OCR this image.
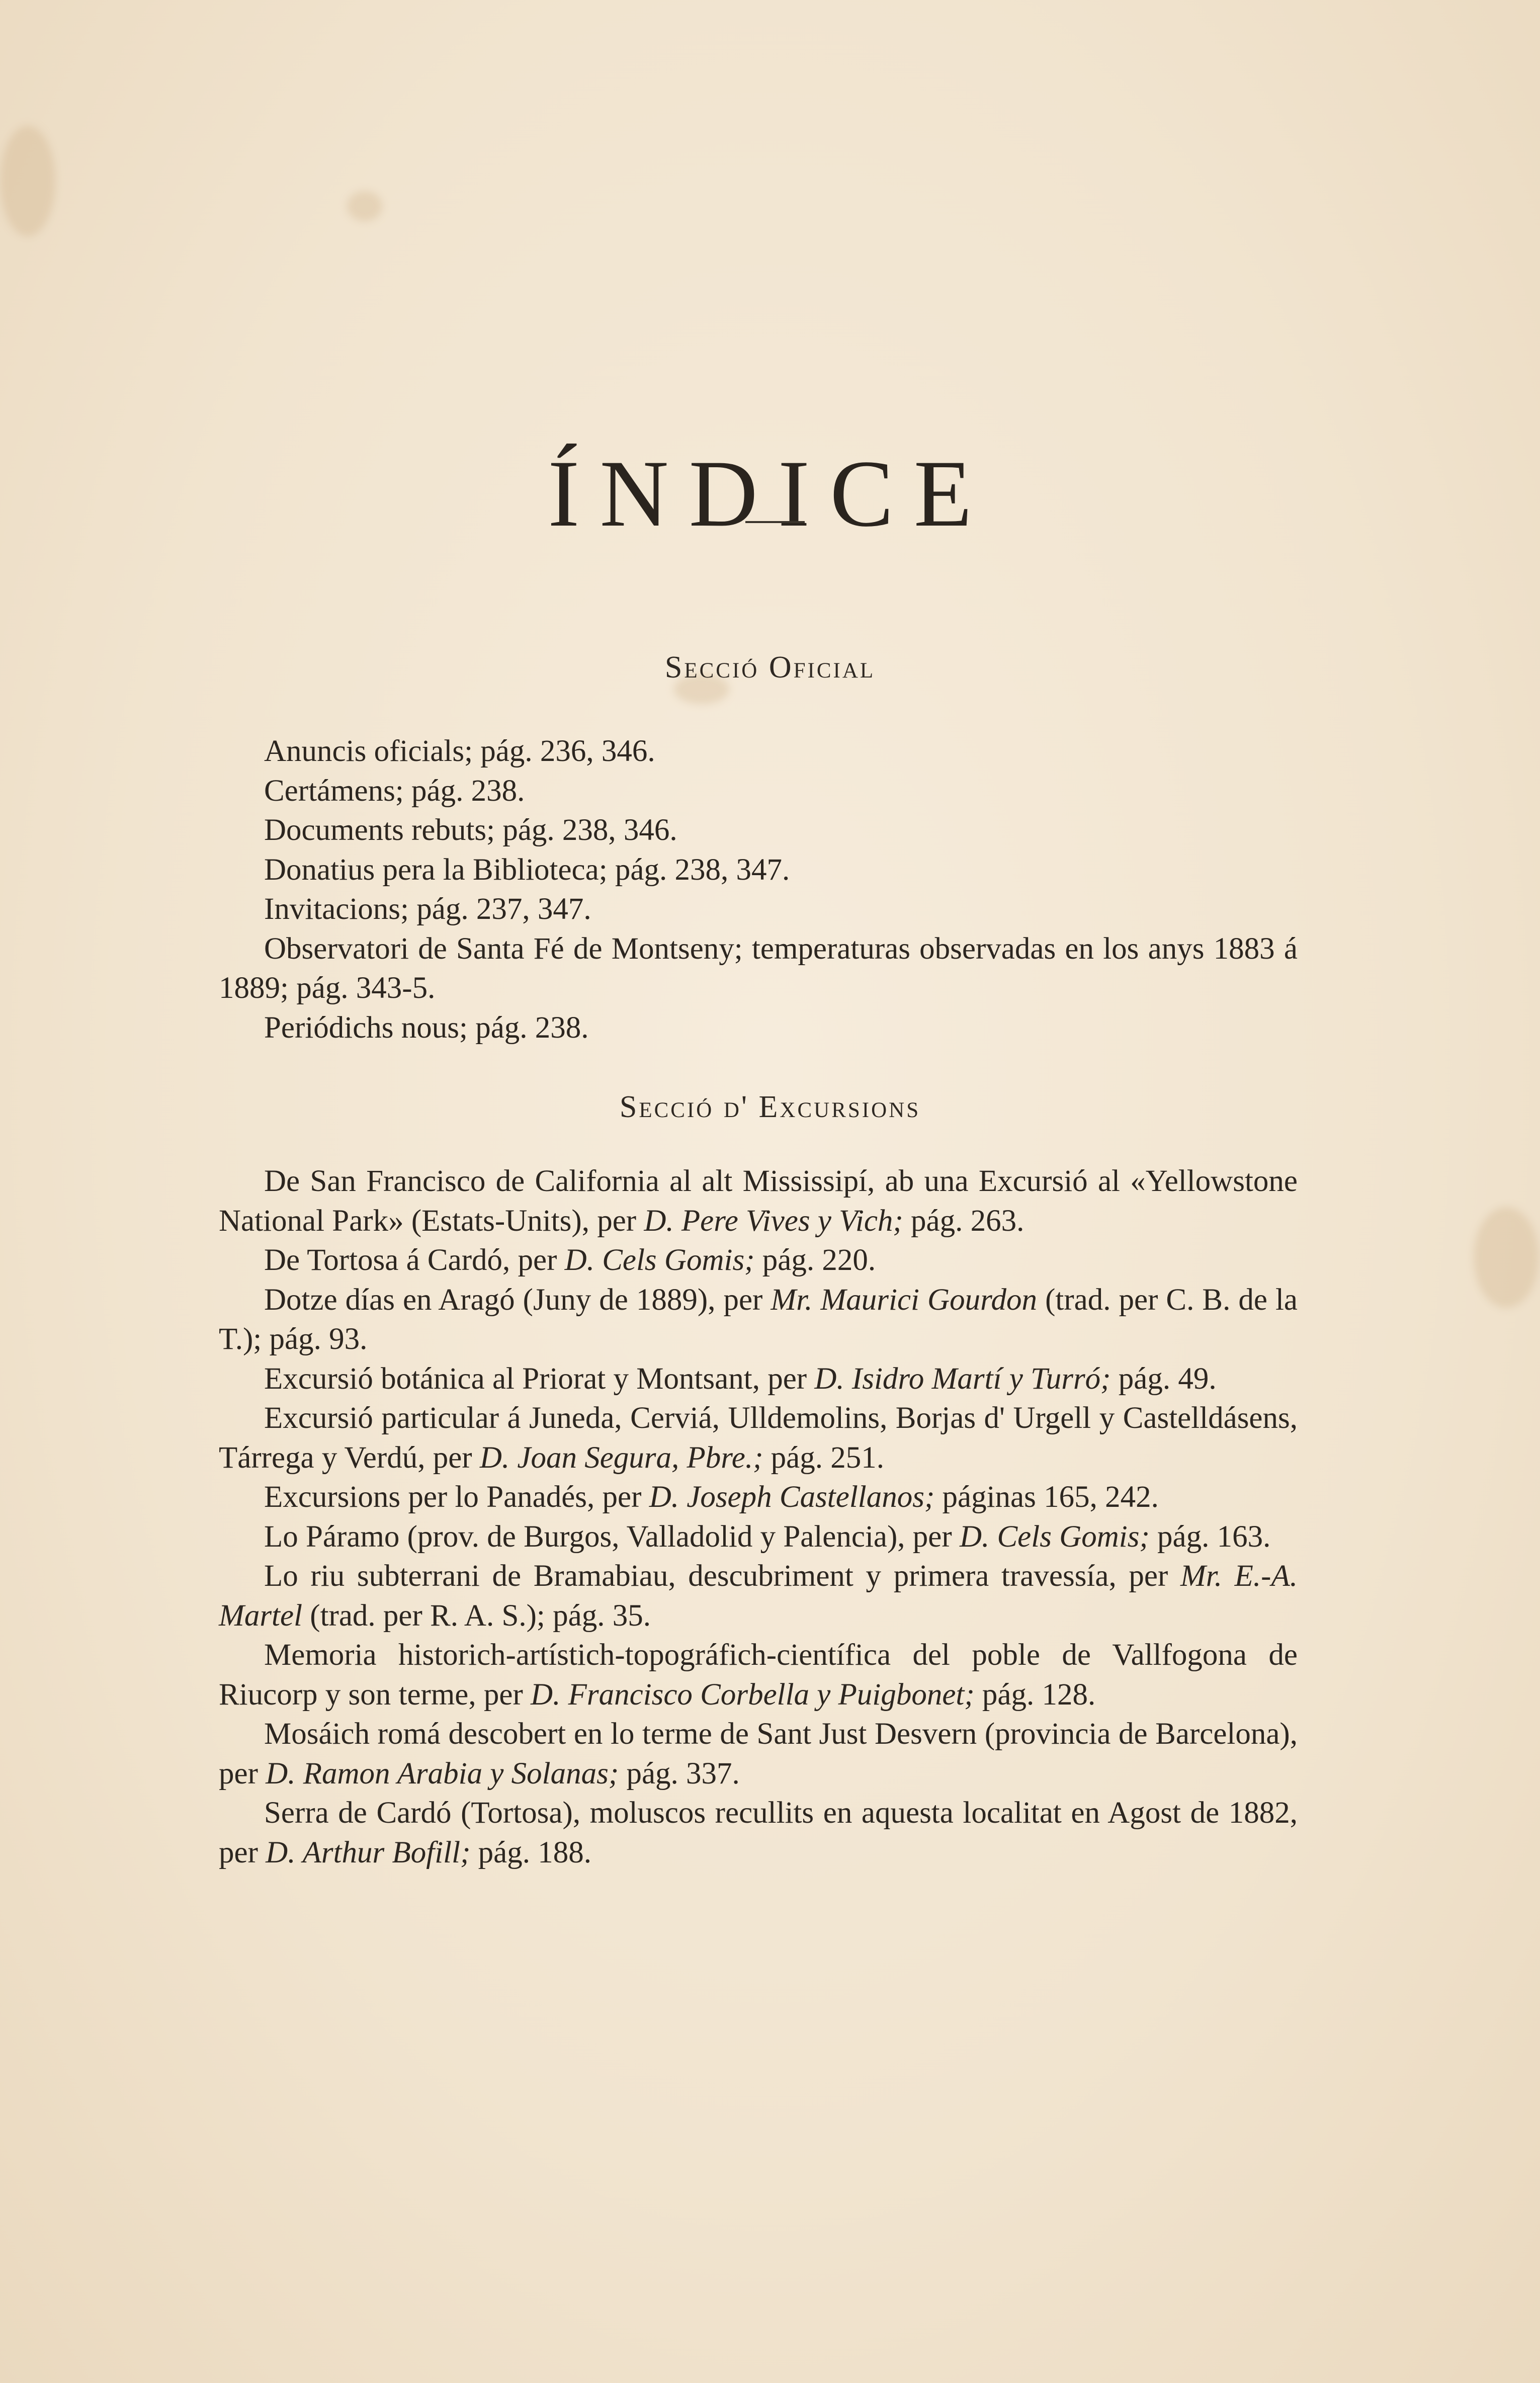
ÍNDICE
Secció Oficial
Anuncis oficials; pág. 236, 346.
Certámens; pág. 238.
Documents rebuts; pág. 238, 346.
Donatius pera la Biblioteca; pág. 238, 347.
Invitacions; pág. 237, 347.
Observatori de Santa Fé de Montseny; temperaturas observadas en los anys 1883 á 1889; pág. 343-5.
Periódichs nous; pág. 238.
Secció d' Excursions
De San Francisco de California al alt Mississipí, ab una Excursió al «Yellowstone National Park» (Estats-Units), per D. Pere Vives y Vich; pág. 263.
De Tortosa á Cardó, per D. Cels Gomis; pág. 220.
Dotze días en Aragó (Juny de 1889), per Mr. Maurici Gourdon (trad. per C. B. de la T.); pág. 93.
Excursió botánica al Priorat y Montsant, per D. Isidro Martí y Turró; pág. 49.
Excursió particular á Juneda, Cerviá, Ulldemolins, Borjas d' Urgell y Castelldásens, Tárrega y Verdú, per D. Joan Segura, Pbre.; pág. 251.
Excursions per lo Panadés, per D. Joseph Castellanos; páginas 165, 242.
Lo Páramo (prov. de Burgos, Valladolid y Palencia), per D. Cels Gomis; pág. 163.
Lo riu subterrani de Bramabiau, descubriment y primera travessía, per Mr. E.-A. Martel (trad. per R. A. S.); pág. 35.
Memoria historich-artístich-topográfich-científica del poble de Vallfogona de Riucorp y son terme, per D. Francisco Corbella y Puigbonet; pág. 128.
Mosáich romá descobert en lo terme de Sant Just Desvern (provincia de Barcelona), per D. Ramon Arabia y Solanas; pág. 337.
Serra de Cardó (Tortosa), moluscos recullits en aquesta localitat en Agost de 1882, per D. Arthur Bofill; pág. 188.
